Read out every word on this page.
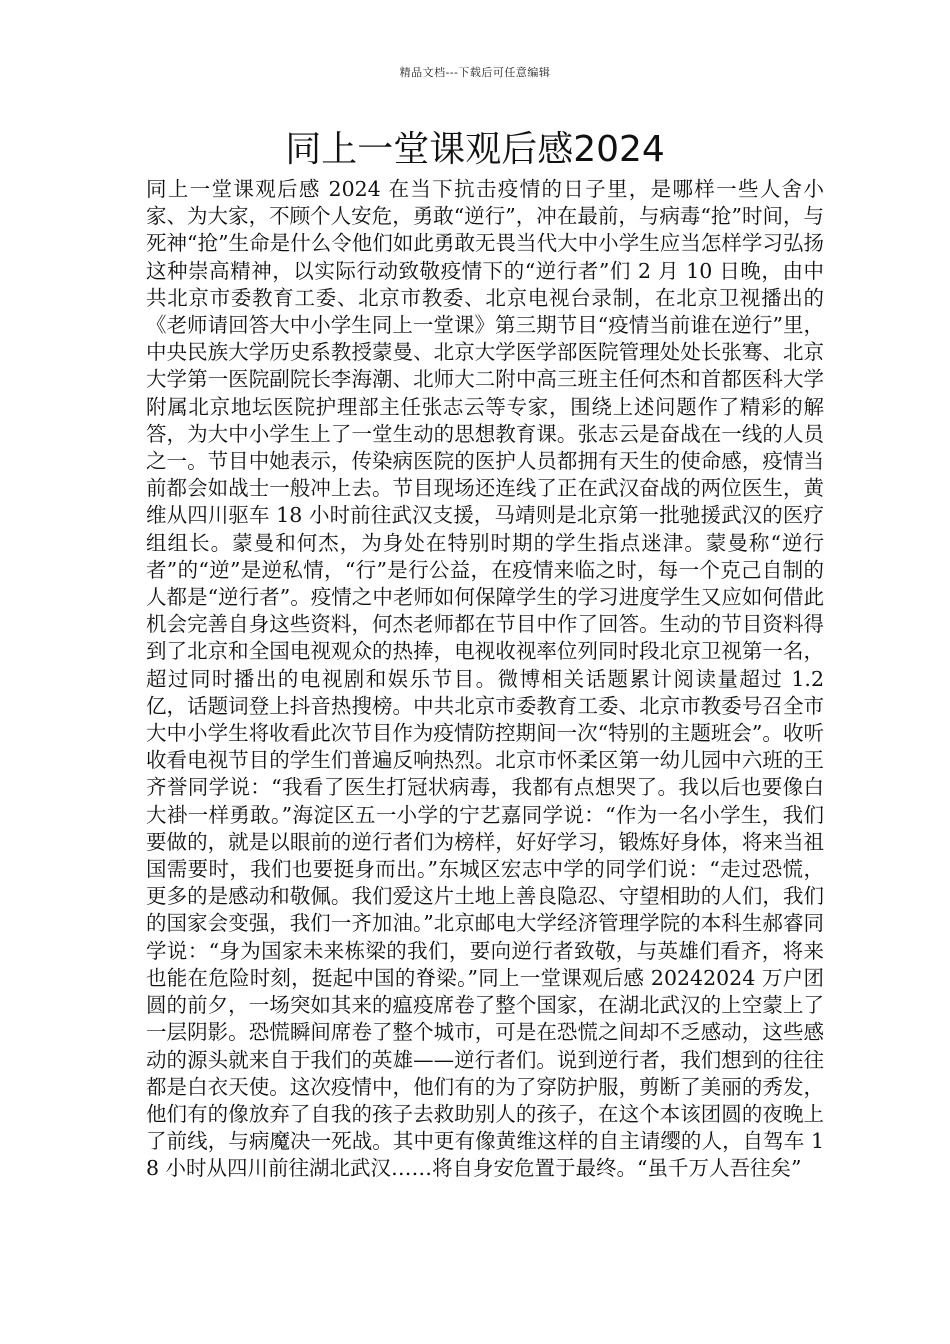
精品文档---下载后可任意编辑
同上一堂课观后感2024

同上一堂课观后感 2024 在当下抗击疫情的日子里，是哪样一些人舍小家、为大家，不顾个人安危，勇敢“逆行”，冲在最前，与病毒“抢”时间，与死神“抢”生命是什么令他们如此勇敢无畏当代大中小学生应当怎样学习弘扬这种崇高精神，以实际行动致敬疫情下的“逆行者”们 2 月 10 日晚，由中共北京市委教育工委、北京市教委、北京电视台录制，在北京卫视播出的《老师请回答大中小学生同上一堂课》第三期节目“疫情当前谁在逆行”里，中央民族大学历史系教授蒙曼、北京大学医学部医院管理处处长张骞、北京大学第一医院副院长李海潮、北师大二附中高三班主任何杰和首都医科大学附属北京地坛医院护理部主任张志云等专家，围绕上述问题作了精彩的解答，为大中小学生上了一堂生动的思想教育课。张志云是奋战在一线的人员之一。节目中她表示，传染病医院的医护人员都拥有天生的使命感，疫情当前都会如战士一般冲上去。节目现场还连线了正在武汉奋战的两位医生，黄维从四川驱车 18 小时前往武汉支援，马靖则是北京第一批驰援武汉的医疗组组长。蒙曼和何杰，为身处在特别时期的学生指点迷津。蒙曼称“逆行者”的“逆”是逆私情，“行”是行公益，在疫情来临之时，每一个克己自制的人都是“逆行者”。疫情之中老师如何保障学生的学习进度学生又应如何借此机会完善自身这些资料，何杰老师都在节目中作了回答。生动的节目资料得到了北京和全国电视观众的热捧，电视收视率位列同时段北京卫视第一名，超过同时播出的电视剧和娱乐节目。微博相关话题累计阅读量超过 1.2 亿，话题词登上抖音热搜榜。中共北京市委教育工委、北京市教委号召全市大中小学生将收看此次节目作为疫情防控期间一次“特别的主题班会”。收听收看电视节目的学生们普遍反响热烈。北京市怀柔区第一幼儿园中六班的王齐誉同学说：“我看了医生打冠状病毒，我都有点想哭了。我以后也要像白大褂一样勇敢。”海淀区五一小学的宁艺嘉同学说：“作为一名小学生，我们要做的，就是以眼前的逆行者们为榜样，好好学习，锻炼好身体，将来当祖国需要时，我们也要挺身而出。”东城区宏志中学的同学们说：“走过恐慌，更多的是感动和敬佩。我们爱这片土地上善良隐忍、守望相助的人们，我们的国家会变强，我们一齐加油。”北京邮电大学经济管理学院的本科生郝睿同学说：“身为国家未来栋梁的我们，要向逆行者致敬，与英雄们看齐，将来也能在危险时刻，挺起中国的脊梁。”同上一堂课观后感 20242024 万户团圆的前夕，一场突如其来的瘟疫席卷了整个国家，在湖北武汉的上空蒙上了一层阴影。恐慌瞬间席卷了整个城市，可是在恐慌之间却不乏感动，这些感动的源头就来自于我们的英雄——逆行者们。说到逆行者，我们想到的往往都是白衣天使。这次疫情中，他们有的为了穿防护服，剪断了美丽的秀发，他们有的像放弃了自我的孩子去救助别人的孩子，在这个本该团圆的夜晚上了前线，与病魔决一死战。其中更有像黄维这样的自主请缨的人，自驾车 18 小时从四川前往湖北武汉……将自身安危置于最终。“虽千万人吾往矣”
